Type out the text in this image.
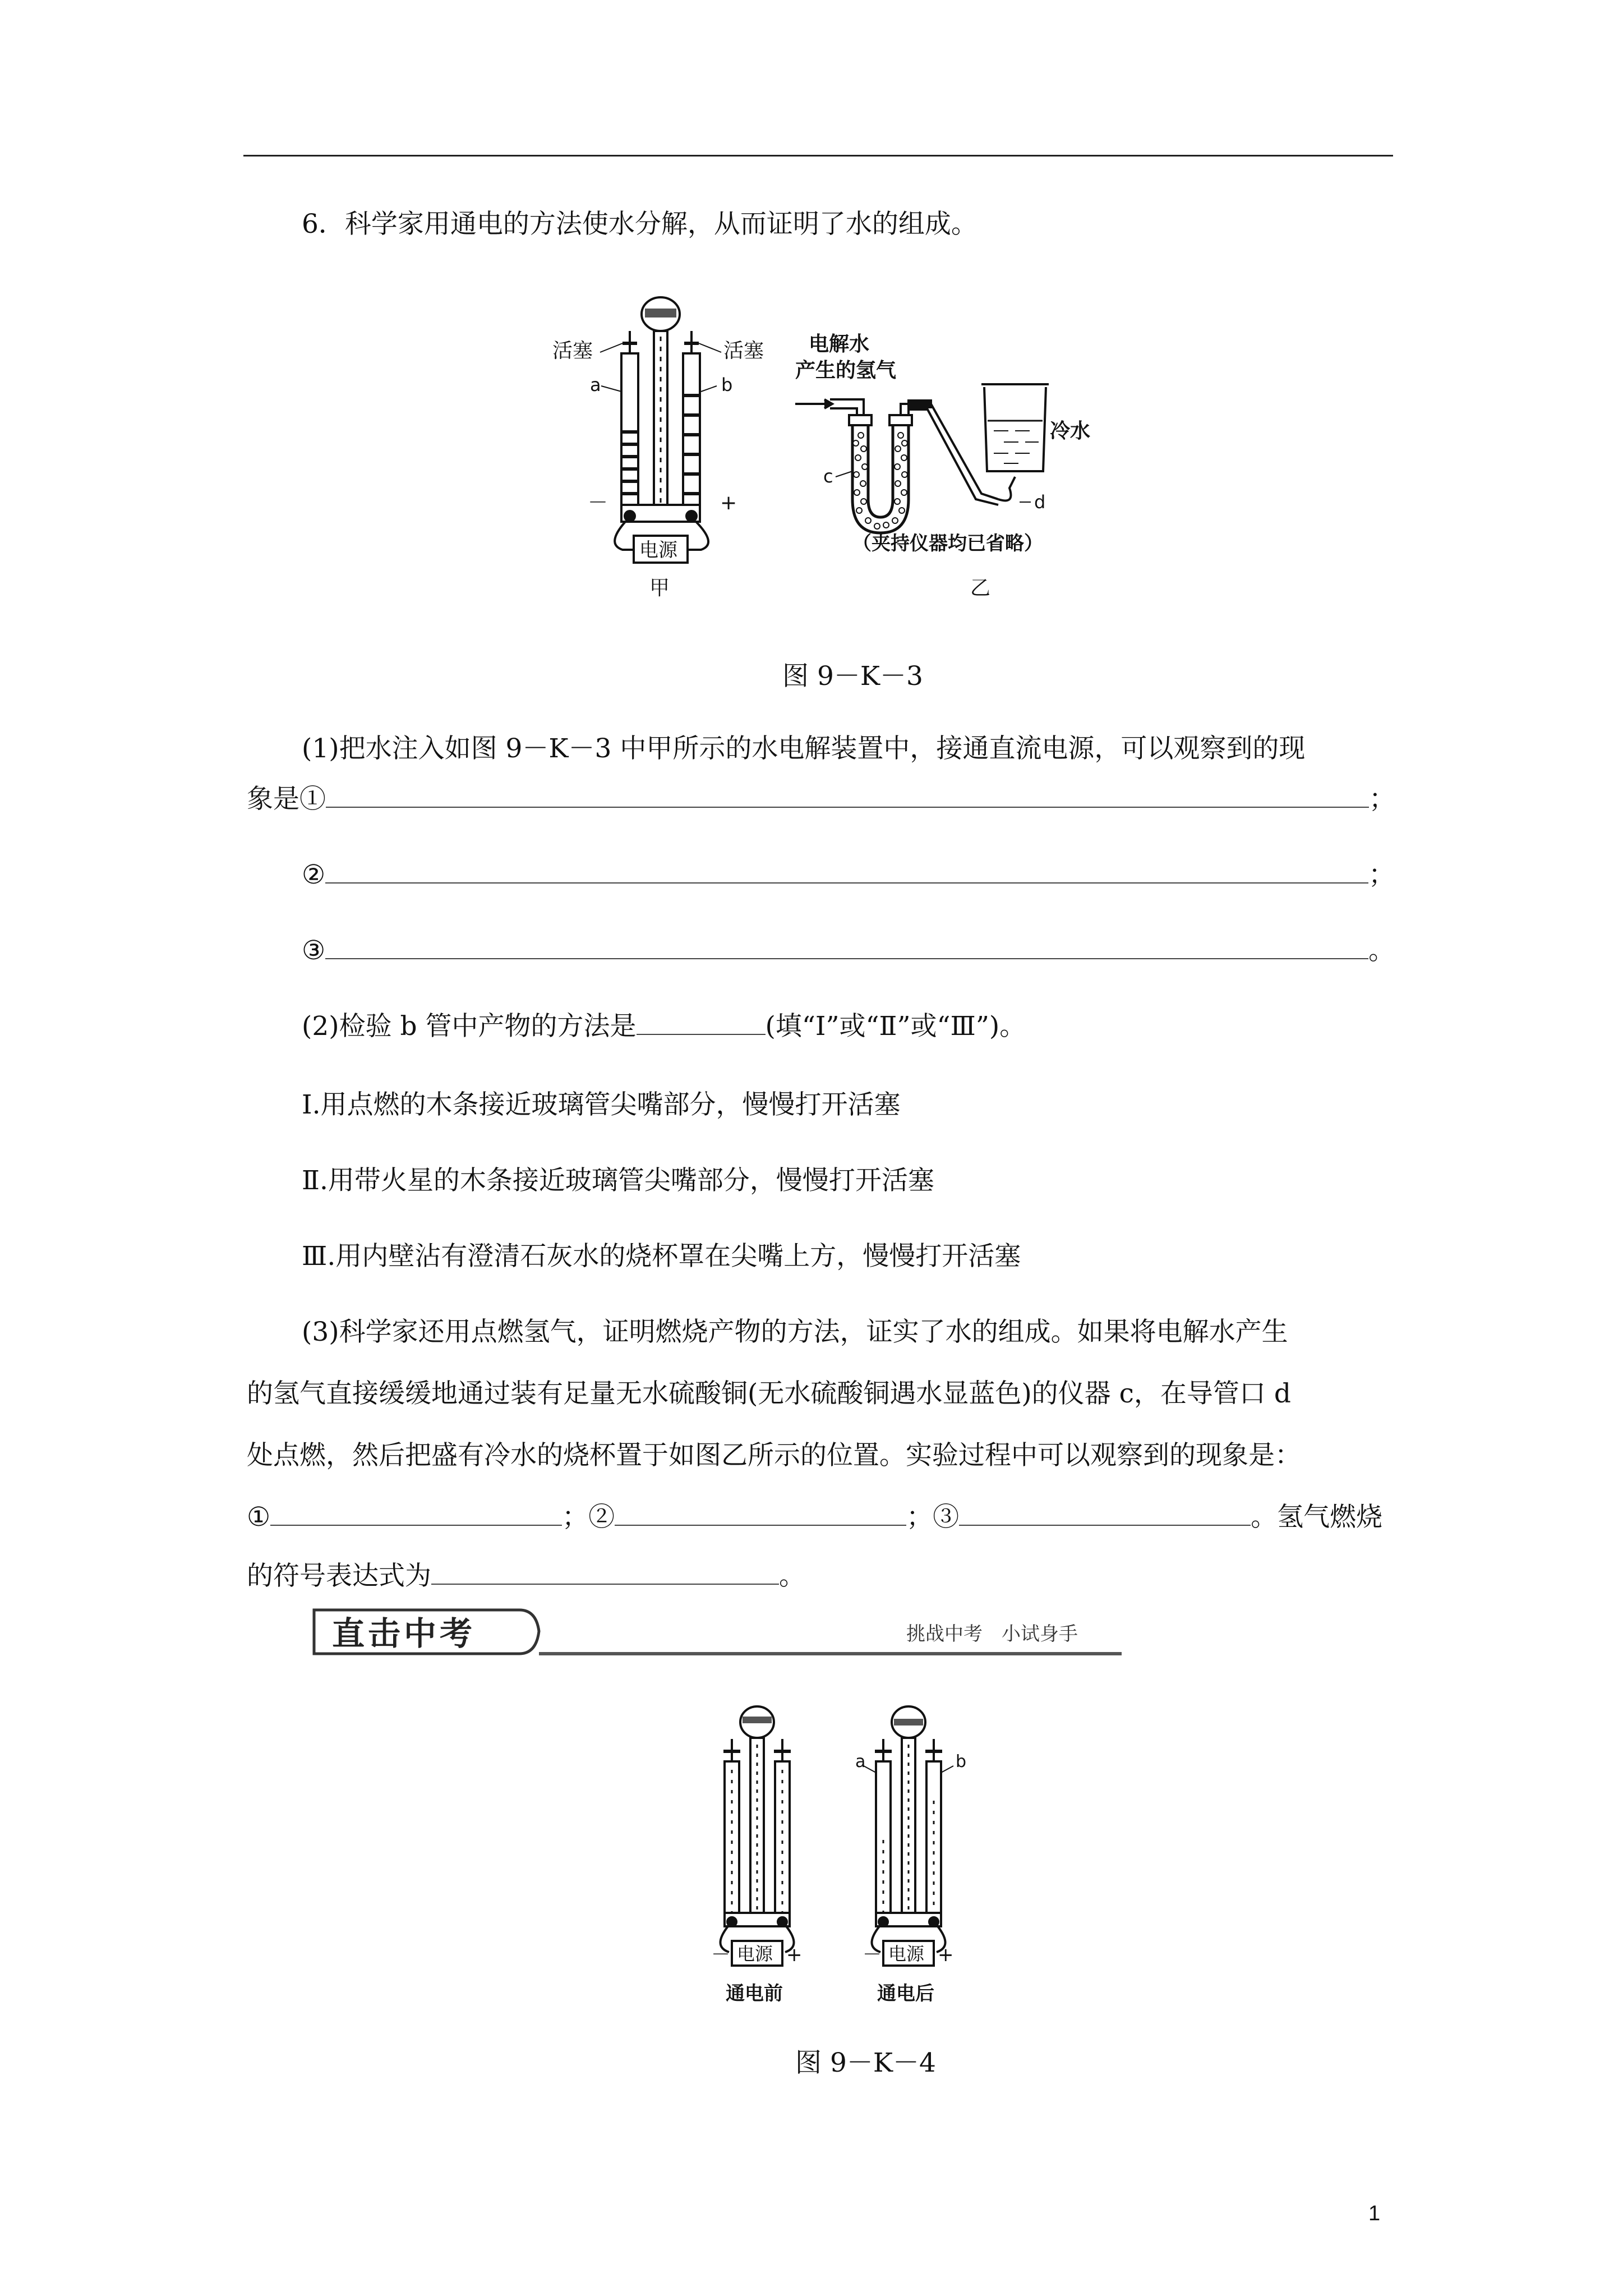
6．科学家用通电的方法使水分解，从而证明了水的组成。
活塞	活塞
a	b
－	+
电源
甲
电解水
产生的氢气
c
d
冷水
（夹持仪器均已省略）
乙
图 9－K－3
(1)把水注入如图 9－K－3 中甲所示的水电解装置中，接通直流电源，可以观察到的现
象是①	；
②	；
③	。
(2)检验 b 管中产物的方法是	(填“Ⅰ”或“Ⅱ”或“Ⅲ”)。
Ⅰ.用点燃的木条接近玻璃管尖嘴部分，慢慢打开活塞
Ⅱ.用带火星的木条接近玻璃管尖嘴部分，慢慢打开活塞
Ⅲ.用内壁沾有澄清石灰水的烧杯罩在尖嘴上方，慢慢打开活塞
(3)科学家还用点燃氢气，证明燃烧产物的方法，证实了水的组成。如果将电解水产生
的氢气直接缓缓地通过装有足量无水硫酸铜(无水硫酸铜遇水显蓝色)的仪器 c，在导管口 d
处点燃，然后把盛有冷水的烧杯置于如图乙所示的位置。实验过程中可以观察到的现象是：
①	；②	；③	。氢气燃烧
的符号表达式为	。
直击中考	挑战中考　小试身手
－	+
电源
通电前
a	b
－	+
电源
通电后
图 9－K－4
1
